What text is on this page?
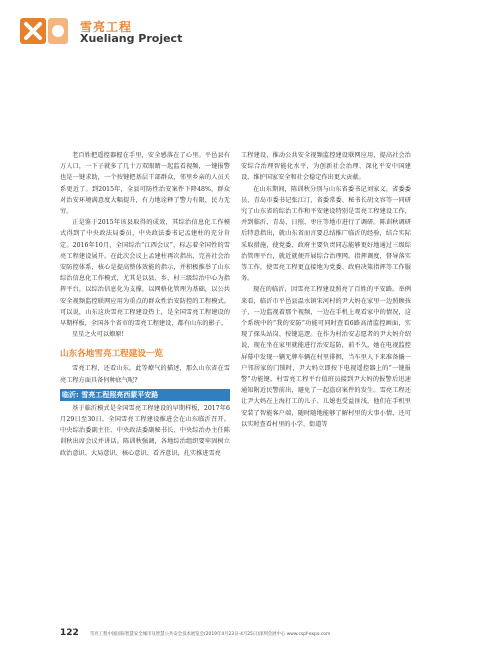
雪亮工程
Xueliang Project

老百姓把遥控器握在手里，安全感落在了心里。平邑县有万人口，一下子就多了几十万双眼睛一起监看视频，一键报警也是一键求助，一个按键把基层干部群众，邻里乡亲的人员关系更近了。到2015年，全县可防性治安案件下降48%，群众对治安环境满意度大幅提升，有力地诠释了警力有限，民力无穷。

正是鉴于2015年该县取得的成效，其综治信息化工作模式得到了中央政法局委员，中央政法委书记孟建柱的充分肯定。2016年10月，全国综治“江西会议”，标志着全国性的雪亮工程建设展开。在此次会议上孟建柱再次指出，完善社会治安防控体系，核心是提高整体效能的指示，并积极推举了山东综治信息化工作模式，尤其是以县、乡、村三级综治中心为指挥平台，以综治信息化为支撑，以网格化管理为基础，以公共安全视频监控联网应用为重点的群众性治安防控的工程模式。可以说，山东这块雪亮工程建设热土，是全国雪亮工程建设的早期样板，全国各个省市的雪亮工程建设，都有山东的影子。

星星之火可以燎原!

山东各地雪亮工程建设一览

雪亮工程，还看山东。此等燎气的描述，那么山东省在雪亮工程方面具备何种底气呢?

临沂: 雪亮工程照亮西蒙平安路

基于临沂模式是全国雪亮工程建设的早期样板，2017年6月29日至30日，全国雪亮工程建设推进会在山东临沂召开。中央综治委副主任、中央政法委副秘书长、中央综治办主任陈训秋出席会议并讲话。陈训秋强调，各地综治组织要牢固树立政治意识、大局意识、核心意识、看齐意识，扎实推进雪亮

工程建设，推动公共安全视频监控建设联网应用，提高社会治安综合治理智能化水平，为创新社会治理、深化平安中国建设、维护国家安全和社会稳定作出更大贡献。

在山东期间，陈训秋分别与山东省委书记刘家义，省委委员、青岛市委书记张江汀，省委常委、秘书长胡文容等一同研究了山东省的综治工作和平安建设特别是雪亮工程建设工作，并到临沂、青岛、日照、枣庄等地市进行了调研。陈训秋调研后特意指出，就山东省而言要总结推广临沂的经验，结合实际采取措施，使党委、政府主要负责同志能够更好地通过三级综治管理平台，就近就便开展综合治理网。指挥调度，督导落实等工作，使雪亮工程更直接地为党委、政府决策指挥等工作服务。

现在的临沂，因雪亮工程建设照亮了百姓的平安路。举例来看，临沂市平邑县温水镇宋河村的尹大妈在家里一边照顾孩子，一边监视着那个视频，一边在手机上观看家中的情况，这个系统中的“我的安防”功能可同时查看6路高清监控画面，实现了探头站岗、按键巡逻。在作为村治安志愿者的尹大妈介绍说，现在坐在家里就能进行治安巡防，前不久，她在电视监控屏幕中发现一辆无牌车辆在村里徘徊，当车里人下来准备撬一户邻居家的门锁时，尹大妈立即按下电视遥控器上的“一键报警”功能键，村雪亮工程平台值班员接到尹大妈的报警后迅速通知附近民警前出，避免了一起盗窃案件的发生。雪亮工程还让尹大妈在上海打工的儿子、儿媳也受益匪浅，他们在手机里安装了智能客户端，随时随地能够了解村里的大事小情，还可以实时查看村里的小学、街道等

122	雪亮工程中国国际智慧安全城市及智慧公共安全技术展览会(2019年4月23日-4月25日)深圳会展中心 www.cspf-expo.com
